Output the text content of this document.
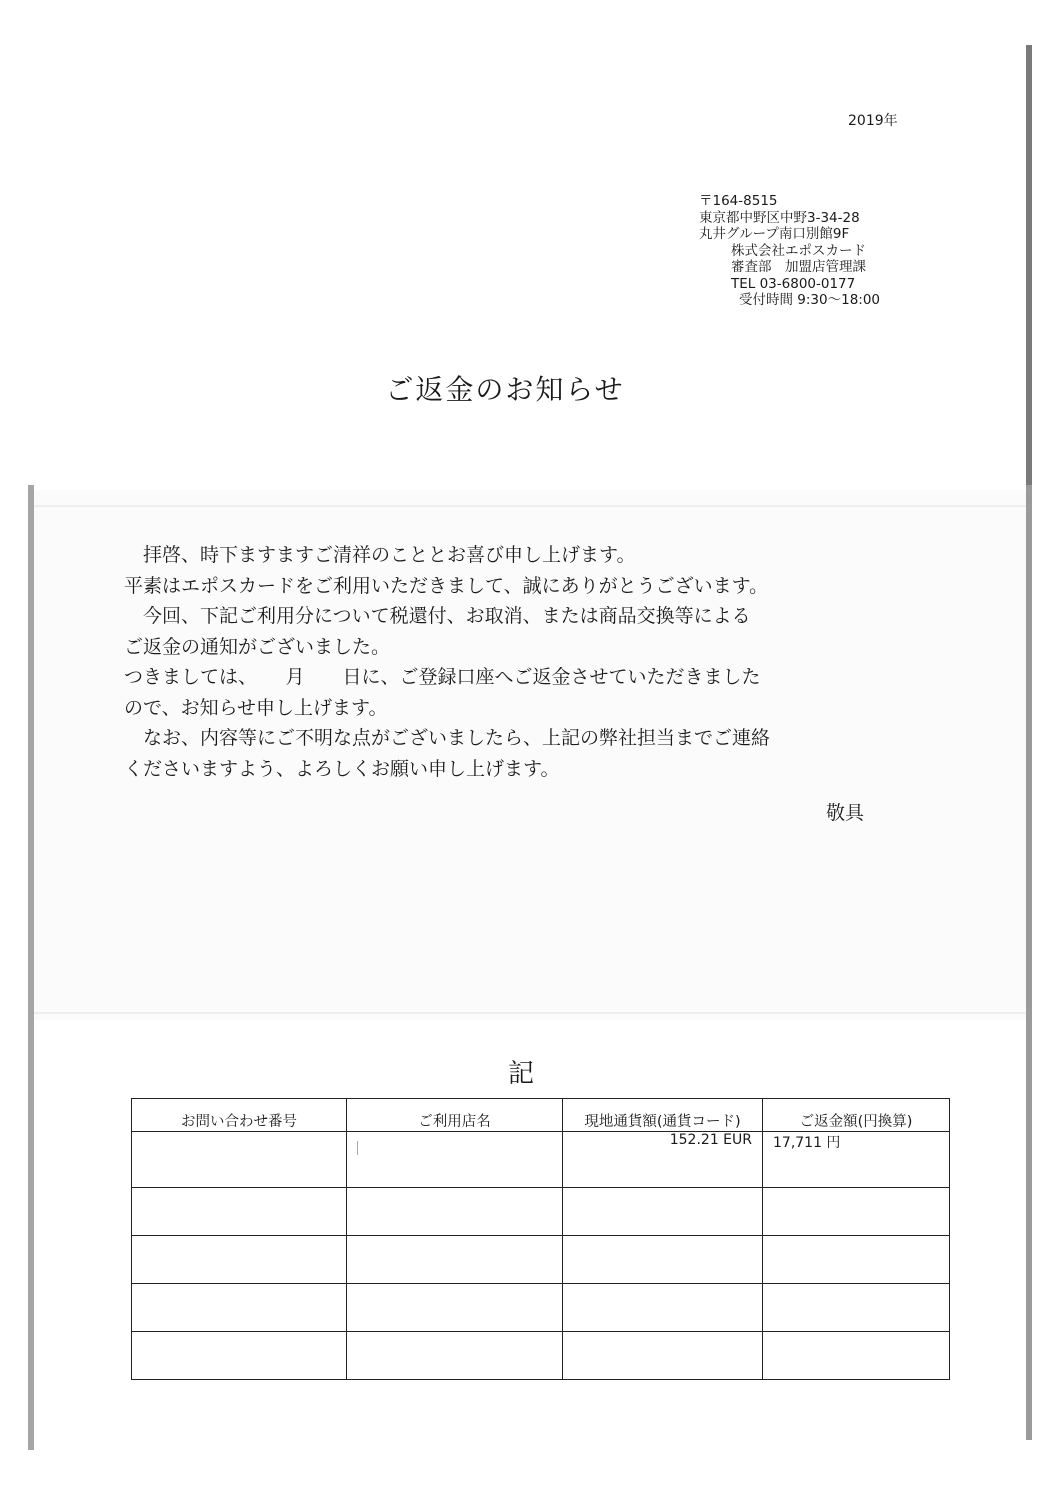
2019年
〒164-8515
東京都中野区中野3-34-28
丸井グループ南口別館9F
株式会社エポスカード
審査部　加盟店管理課
TEL 03-6800-0177
受付時間 9:30～18:00
ご返金のお知らせ
　拝啓、時下ますますご清祥のこととお喜び申し上げます。
平素はエポスカードをご利用いただきまして、誠にありがとうございます。
　今回、下記ご利用分について税還付、お取消、または商品交換等による
ご返金の通知がございました。
つきましては、　　月　　日に、ご登録口座へご返金させていただきました
ので、お知らせ申し上げます。
　なお、内容等にご不明な点がございましたら、上記の弊社担当までご連絡
くださいますよう、よろしくお願い申し上げます。
敬具
記
お問い合わせ番号	ご利用店名	現地通貨額(通貨コード)	ご返金額(円換算)
		152.21 EUR	17,711 円
